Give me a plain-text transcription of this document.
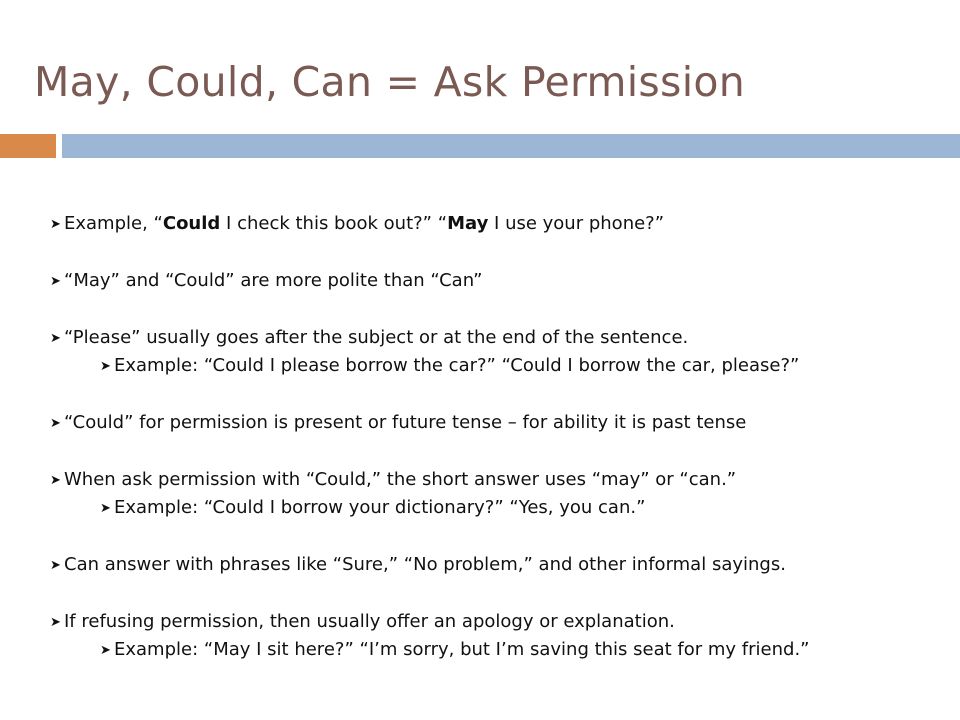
May, Could, Can = Ask Permission
➤ Example, “Could I check this book out?” “May I use your phone?”
➤ “May” and “Could” are more polite than “Can”
➤ “Please” usually goes after the subject or at the end of the sentence.
➤ Example: “Could I please borrow the car?” “Could I borrow the car, please?”
➤ “Could” for permission is present or future tense – for ability it is past tense
➤ When ask permission with “Could,” the short answer uses “may” or “can.”
➤ Example: “Could I borrow your dictionary?” “Yes, you can.”
➤ Can answer with phrases like “Sure,” “No problem,” and other informal sayings.
➤ If refusing permission, then usually offer an apology or explanation.
➤ Example: “May I sit here?” “I’m sorry, but I’m saving this seat for my friend.”
